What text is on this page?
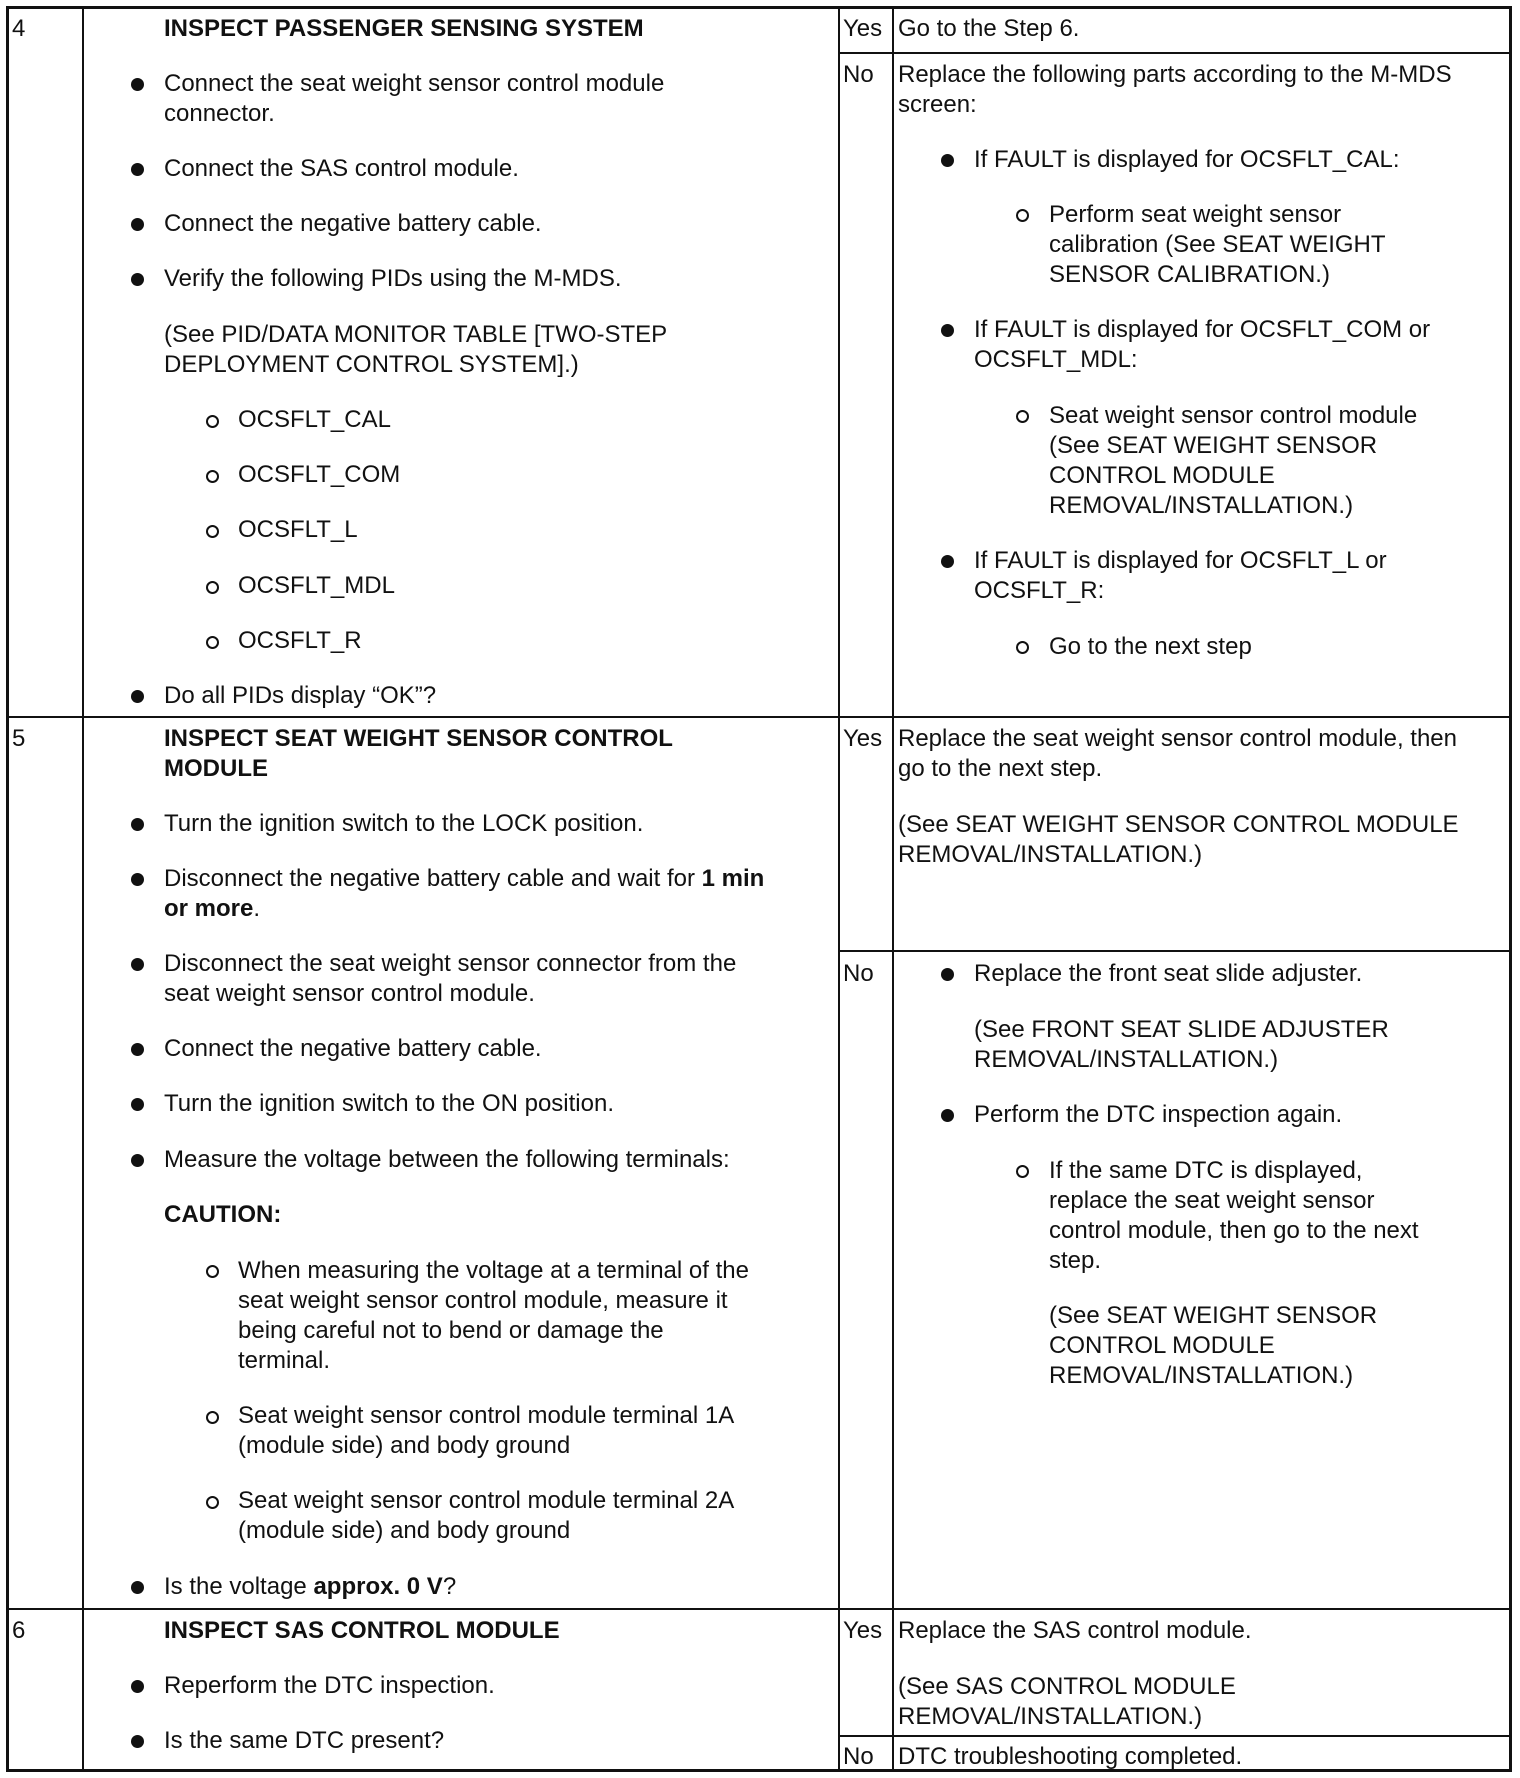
4	INSPECT PASSENGER SENSING SYSTEM
Connect the seat weight sensor control module
connector.
Connect the SAS control module.
Connect the negative battery cable.
Verify the following PIDs using the M-MDS.
(See PID/DATA MONITOR TABLE [TWO-STEP
DEPLOYMENT CONTROL SYSTEM].)
OCSFLT_CAL
OCSFLT_COM
OCSFLT_L
OCSFLT_MDL
OCSFLT_R
Do all PIDs display “OK”?
Yes Go to the Step 6.
No Replace the following parts according to the M-MDS
screen:
If FAULT is displayed for OCSFLT_CAL:
Perform seat weight sensor
calibration (See SEAT WEIGHT
SENSOR CALIBRATION.)
If FAULT is displayed for OCSFLT_COM or
OCSFLT_MDL:
Seat weight sensor control module
(See SEAT WEIGHT SENSOR
CONTROL MODULE
REMOVAL/INSTALLATION.)
If FAULT is displayed for OCSFLT_L or
OCSFLT_R:
Go to the next step
5	INSPECT SEAT WEIGHT SENSOR CONTROL
MODULE
Turn the ignition switch to the LOCK position.
Disconnect the negative battery cable and wait for 1 min
or more.
Disconnect the seat weight sensor connector from the
seat weight sensor control module.
Connect the negative battery cable.
Turn the ignition switch to the ON position.
Measure the voltage between the following terminals:
CAUTION:
When measuring the voltage at a terminal of the
seat weight sensor control module, measure it
being careful not to bend or damage the
terminal.
Seat weight sensor control module terminal 1A
(module side) and body ground
Seat weight sensor control module terminal 2A
(module side) and body ground
Is the voltage approx. 0 V?
Yes Replace the seat weight sensor control module, then
go to the next step.
(See SEAT WEIGHT SENSOR CONTROL MODULE
REMOVAL/INSTALLATION.)
No	Replace the front seat slide adjuster.
(See FRONT SEAT SLIDE ADJUSTER
REMOVAL/INSTALLATION.)
Perform the DTC inspection again.
If the same DTC is displayed,
replace the seat weight sensor
control module, then go to the next
step.
(See SEAT WEIGHT SENSOR
CONTROL MODULE
REMOVAL/INSTALLATION.)
6	INSPECT SAS CONTROL MODULE
Reperform the DTC inspection.
Is the same DTC present?
Yes Replace the SAS control module.
(See SAS CONTROL MODULE
REMOVAL/INSTALLATION.)
No DTC troubleshooting completed.
